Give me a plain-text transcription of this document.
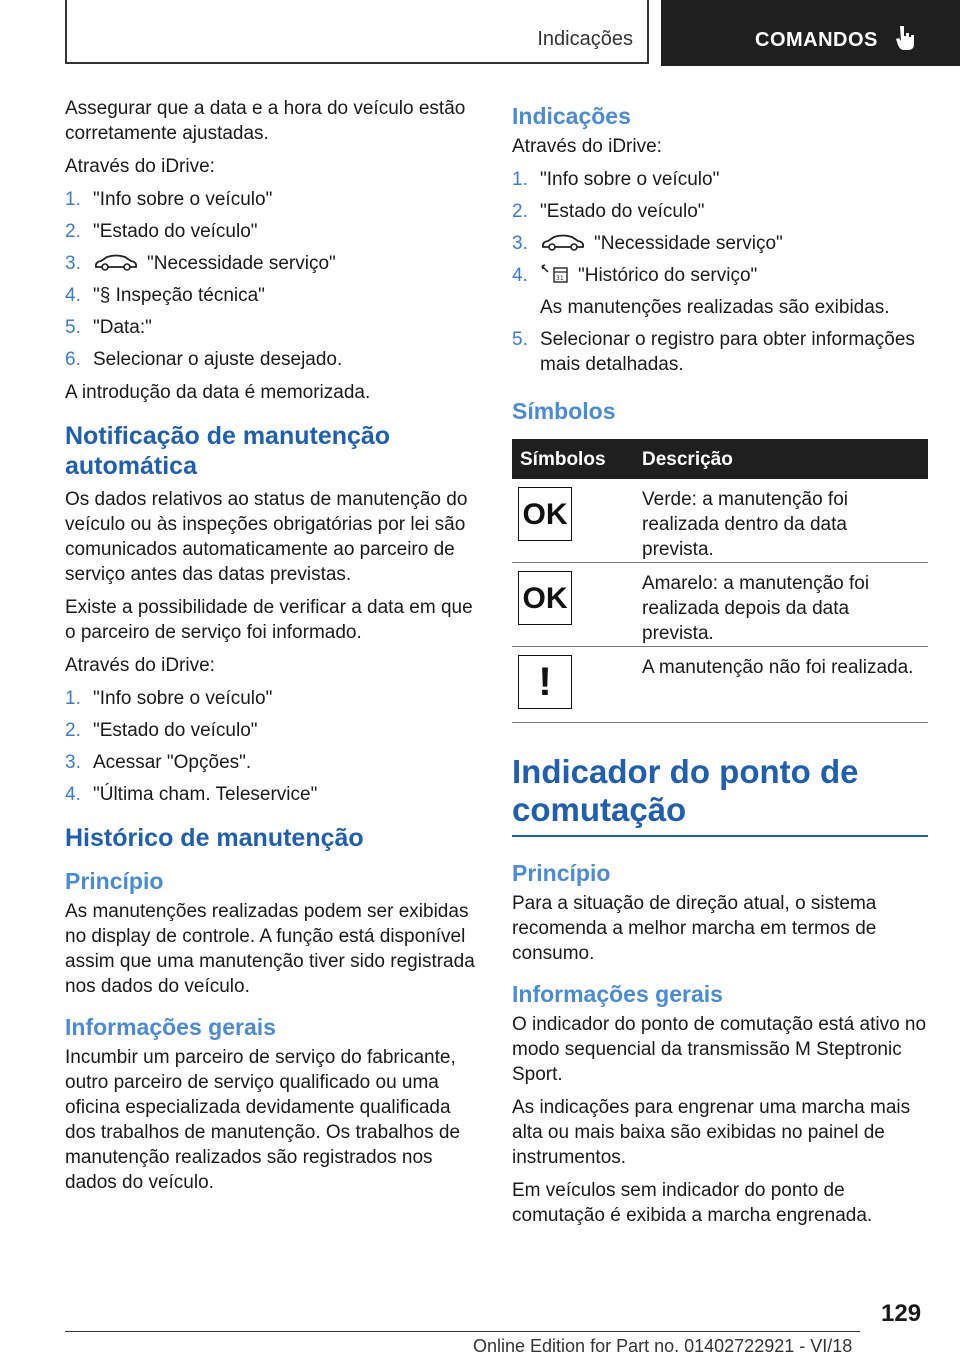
Indicações	COMANDOS

Assegurar que a data e a hora do veículo estão corretamente ajustadas.

Através do iDrive:

1. "Info sobre o veículo"
2. "Estado do veículo"
3.	"Necessidade serviço"
4. "§ Inspeção técnica"
5. "Data:"
6. Selecionar o ajuste desejado.

A introdução da data é memorizada.

Notificação de manutenção automática

Os dados relativos ao status de manutenção do veículo ou às inspeções obrigatórias por lei são comunicados automaticamente ao parceiro de serviço antes das datas previstas.

Existe a possibilidade de verificar a data em que o parceiro de serviço foi informado.

Através do iDrive:

1. "Info sobre o veículo"
2. "Estado do veículo"
3. Acessar "Opções".
4. "Última cham. Teleservice"
Histórico de manutenção
Princípio

As manutenções realizadas podem ser exibidas no display de controle. A função está disponível assim que uma manutenção tiver sido registrada nos dados do veículo.

Informações gerais

Incumbir um parceiro de serviço do fabricante, outro parceiro de serviço qualificado ou uma oficina especializada devidamente qualificada dos trabalhos de manutenção. Os trabalhos de manutenção realizados são registrados nos dados do veículo.

Indicações

Através do iDrive:

1. "Info sobre o veículo"
2. "Estado do veículo"
3.	"Necessidade serviço"
4.	31 "Histórico do serviço"
As manutenções realizadas são exibidas.
5. Selecionar o registro para obter informações mais detalhadas.
Símbolos
Símbolos	Descrição

OK	Verde: a manutenção foi realizada dentro da data prevista.

OK	Amarelo: a manutenção foi realizada depois da data prevista.

!	A manutenção não foi realizada.
Indicador do ponto de comutação
Princípio

Para a situação de direção atual, o sistema recomenda a melhor marcha em termos de consumo.

Informações gerais

O indicador do ponto de comutação está ativo no modo sequencial da transmissão M Steptronic Sport.

As indicações para engrenar uma marcha mais alta ou mais baixa são exibidas no painel de instrumentos.

Em veículos sem indicador do ponto de comutação é exibida a marcha engrenada.

129
Online Edition for Part no. 01402722921 - VI/18
